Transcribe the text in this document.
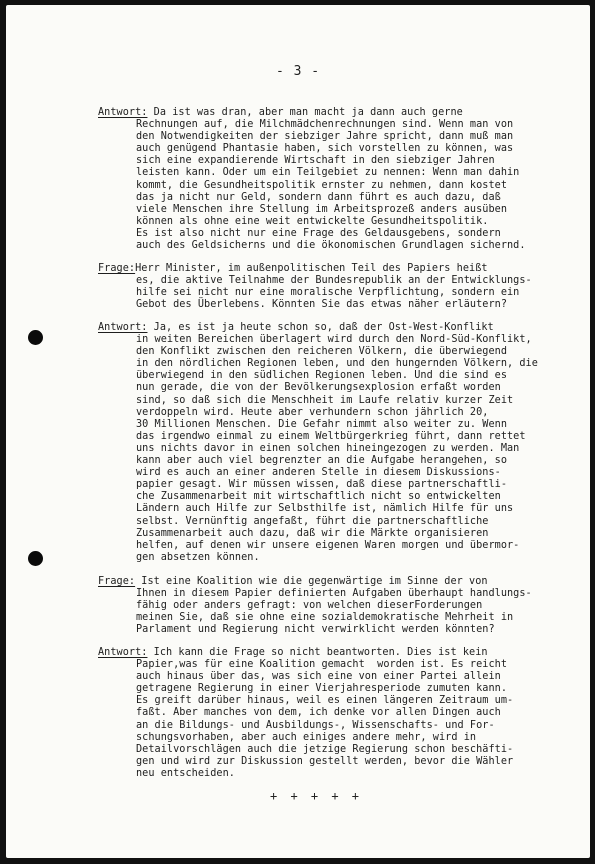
- 3 -
Antwort: Da ist was dran, aber man macht ja dann auch gerne
Rechnungen auf, die Milchmädchenrechnungen sind. Wenn man von
den Notwendigkeiten der siebziger Jahre spricht, dann muß man
auch genügend Phantasie haben, sich vorstellen zu können, was
sich eine expandierende Wirtschaft in den siebziger Jahren
leisten kann. Oder um ein Teilgebiet zu nennen: Wenn man dahin
kommt, die Gesundheitspolitik ernster zu nehmen, dann kostet
das ja nicht nur Geld, sondern dann führt es auch dazu, daß
viele Menschen ihre Stellung im Arbeitsprozeß anders ausüben
können als ohne eine weit entwickelte Gesundheitspolitik.
Es ist also nicht nur eine Frage des Geldausgebens, sondern
auch des Geldsicherns und die ökonomischen Grundlagen sichernd.
Frage:Herr Minister, im außenpolitischen Teil des Papiers heißt
es, die aktive Teilnahme der Bundesrepublik an der Entwicklungs-
hilfe sei nicht nur eine moralische Verpflichtung, sondern ein
Gebot des Überlebens. Könnten Sie das etwas näher erläutern?
Antwort: Ja, es ist ja heute schon so, daß der Ost-West-Konflikt
in weiten Bereichen überlagert wird durch den Nord-Süd-Konflikt,
den Konflikt zwischen den reicheren Völkern, die überwiegend
in den nördlichen Regionen leben, und den hungernden Völkern, die
überwiegend in den südlichen Regionen leben. Und die sind es
nun gerade, die von der Bevölkerungsexplosion erfaßt worden
sind, so daß sich die Menschheit im Laufe relativ kurzer Zeit
verdoppeln wird. Heute aber verhundern schon jährlich 20,
30 Millionen Menschen. Die Gefahr nimmt also weiter zu. Wenn
das irgendwo einmal zu einem Weltbürgerkrieg führt, dann rettet
uns nichts davor in einen solchen hineingezogen zu werden. Man
kann aber auch viel begrenzter an die Aufgabe herangehen, so
wird es auch an einer anderen Stelle in diesem Diskussions-
papier gesagt. Wir müssen wissen, daß diese partnerschaftli-
che Zusammenarbeit mit wirtschaftlich nicht so entwickelten
Ländern auch Hilfe zur Selbsthilfe ist, nämlich Hilfe für uns
selbst. Vernünftig angefaßt, führt die partnerschaftliche
Zusammenarbeit auch dazu, daß wir die Märkte organisieren
helfen, auf denen wir unsere eigenen Waren morgen und übermor-
gen absetzen können.
Frage: Ist eine Koalition wie die gegenwärtige im Sinne der von
Ihnen in diesem Papier definierten Aufgaben überhaupt handlungs-
fähig oder anders gefragt: von welchen dieserForderungen
meinen Sie, daß sie ohne eine sozialdemokratische Mehrheit in
Parlament und Regierung nicht verwirklicht werden könnten?
Antwort: Ich kann die Frage so nicht beantworten. Dies ist kein
Papier,was für eine Koalition gemacht  worden ist. Es reicht
auch hinaus über das, was sich eine von einer Partei allein
getragene Regierung in einer Vierjahresperiode zumuten kann.
Es greift darüber hinaus, weil es einen längeren Zeitraum um-
faßt. Aber manches von dem, ich denke vor allen Dingen auch
an die Bildungs- und Ausbildungs-, Wissenschafts- und For-
schungsvorhaben, aber auch einiges andere mehr, wird in
Detailvorschlägen auch die jetzige Regierung schon beschäfti-
gen und wird zur Diskussion gestellt werden, bevor die Wähler
neu entscheiden.
+ + + + +
